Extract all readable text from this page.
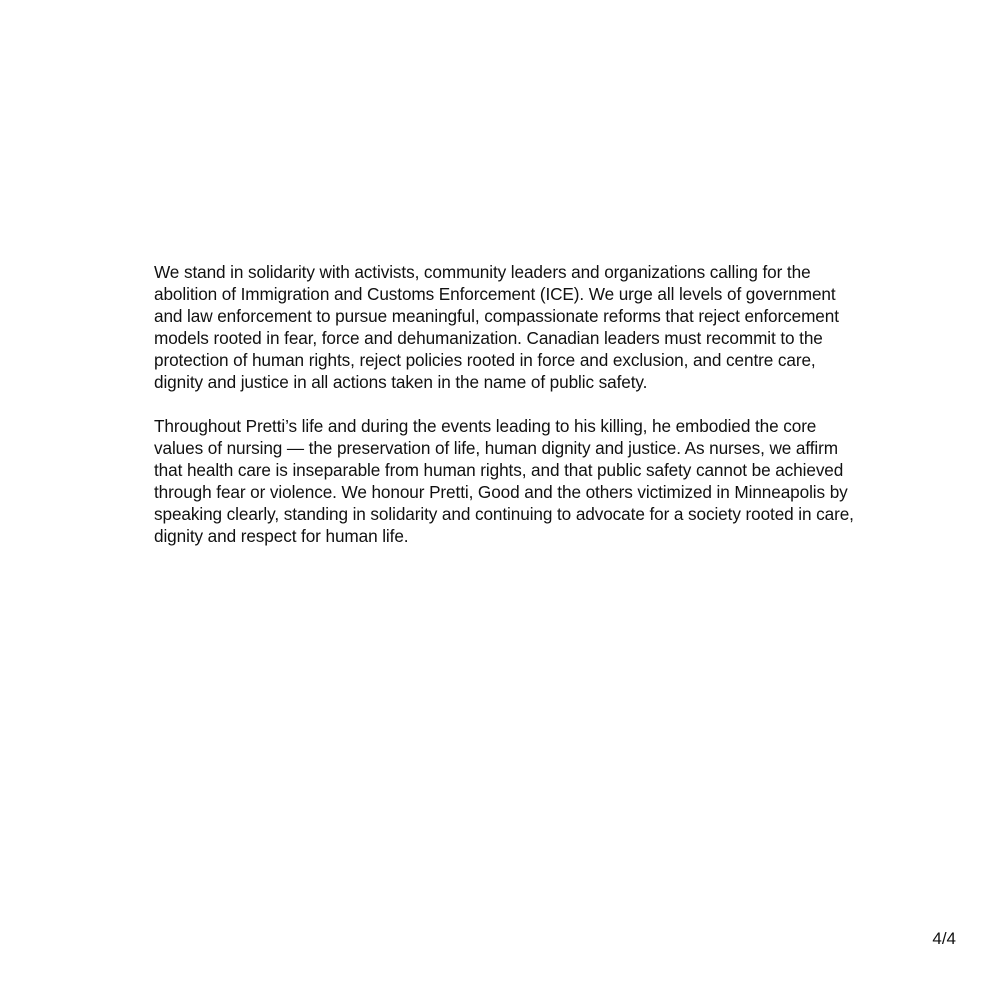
We stand in solidarity with activists, community leaders and organizations calling for the abolition of Immigration and Customs Enforcement (ICE). We urge all levels of government and law enforcement to pursue meaningful, compassionate reforms that reject enforcement models rooted in fear, force and dehumanization. Canadian leaders must recommit to the protection of human rights, reject policies rooted in force and exclusion, and centre care, dignity and justice in all actions taken in the name of public safety.

Throughout Pretti’s life and during the events leading to his killing, he embodied the core values of nursing — the preservation of life, human dignity and justice. As nurses, we affirm that health care is inseparable from human rights, and that public safety cannot be achieved through fear or violence. We honour Pretti, Good and the others victimized in Minneapolis by speaking clearly, standing in solidarity and continuing to advocate for a society rooted in care, dignity and respect for human life.

4/4
